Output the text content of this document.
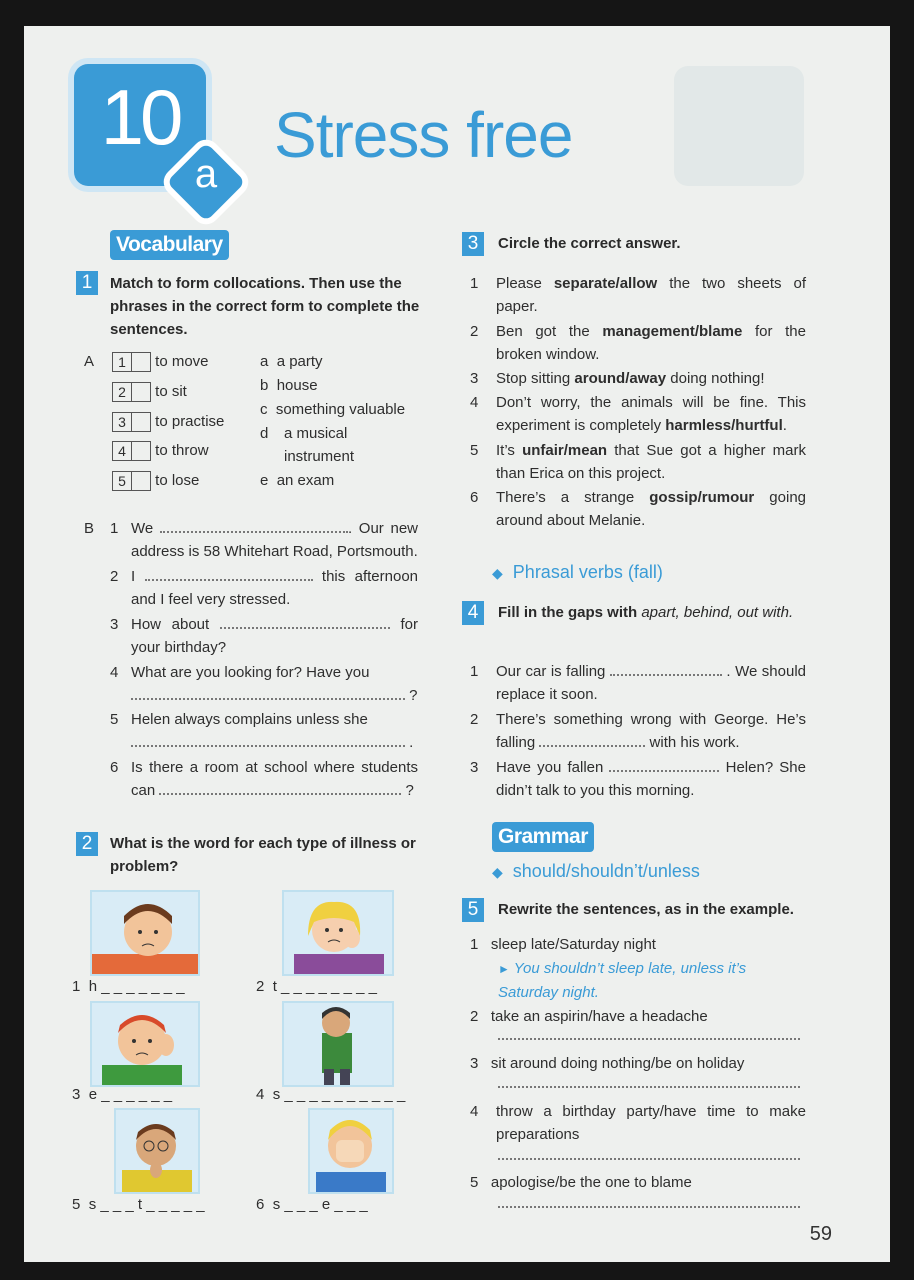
10
a
Stress free
Vocabulary
1	Match to form collocations. Then use the phrases in the correct form to complete the sentences.
A	1 to move
2 to sit
3 to practise
4 to throw
5 to lose
a a party
b house
c something valuable
d a musical instrument
e an exam
B 1 We	. Our new address is 58 Whitehart Road, Portsmouth.
2 I	this afternoon and I feel very stressed.
3 How about	for your birthday?
4 What are you looking for? Have you
?
5 Helen always complains unless she
.
6 Is there a room at school where students can	?
2	What is the word for each type of illness or problem?
1 h _ _ _ _ _ _ _	2 t _ _ _ _ _ _ _ _
3 e _ _ _ _ _ _	4 s _ _ _ _ _ _ _ _ _ _
5 s _ _ _ t _ _ _ _ _	6 s _ _ _ e _ _ _
3	Circle the correct answer.
1 Please separate/allow the two sheets of paper.
2 Ben got the management/blame for the broken window.
3 Stop sitting around/away doing nothing!
4 Don’t worry, the animals will be fine. This experiment is completely harmless/hurtful.
5 It’s unfair/mean that Sue got a higher mark than Erica on this project.
6 There’s a strange gossip/rumour going around about Melanie.
◆ Phrasal verbs (fall)
4	Fill in the gaps with apart, behind, out with.
1 Our car is falling	. We should replace it soon.
2 There’s something wrong with George. He’s falling	with his work.
3 Have you fallen	Helen? She didn’t talk to you this morning.
Grammar
◆ should/shouldn’t/unless
5	Rewrite the sentences, as in the example.
1 sleep late/Saturday night
► You shouldn’t sleep late, unless it’s Saturday night.
2 take an aspirin/have a headache
3 sit around doing nothing/be on holiday
4 throw a birthday party/have time to make preparations
5 apologise/be the one to blame
59
